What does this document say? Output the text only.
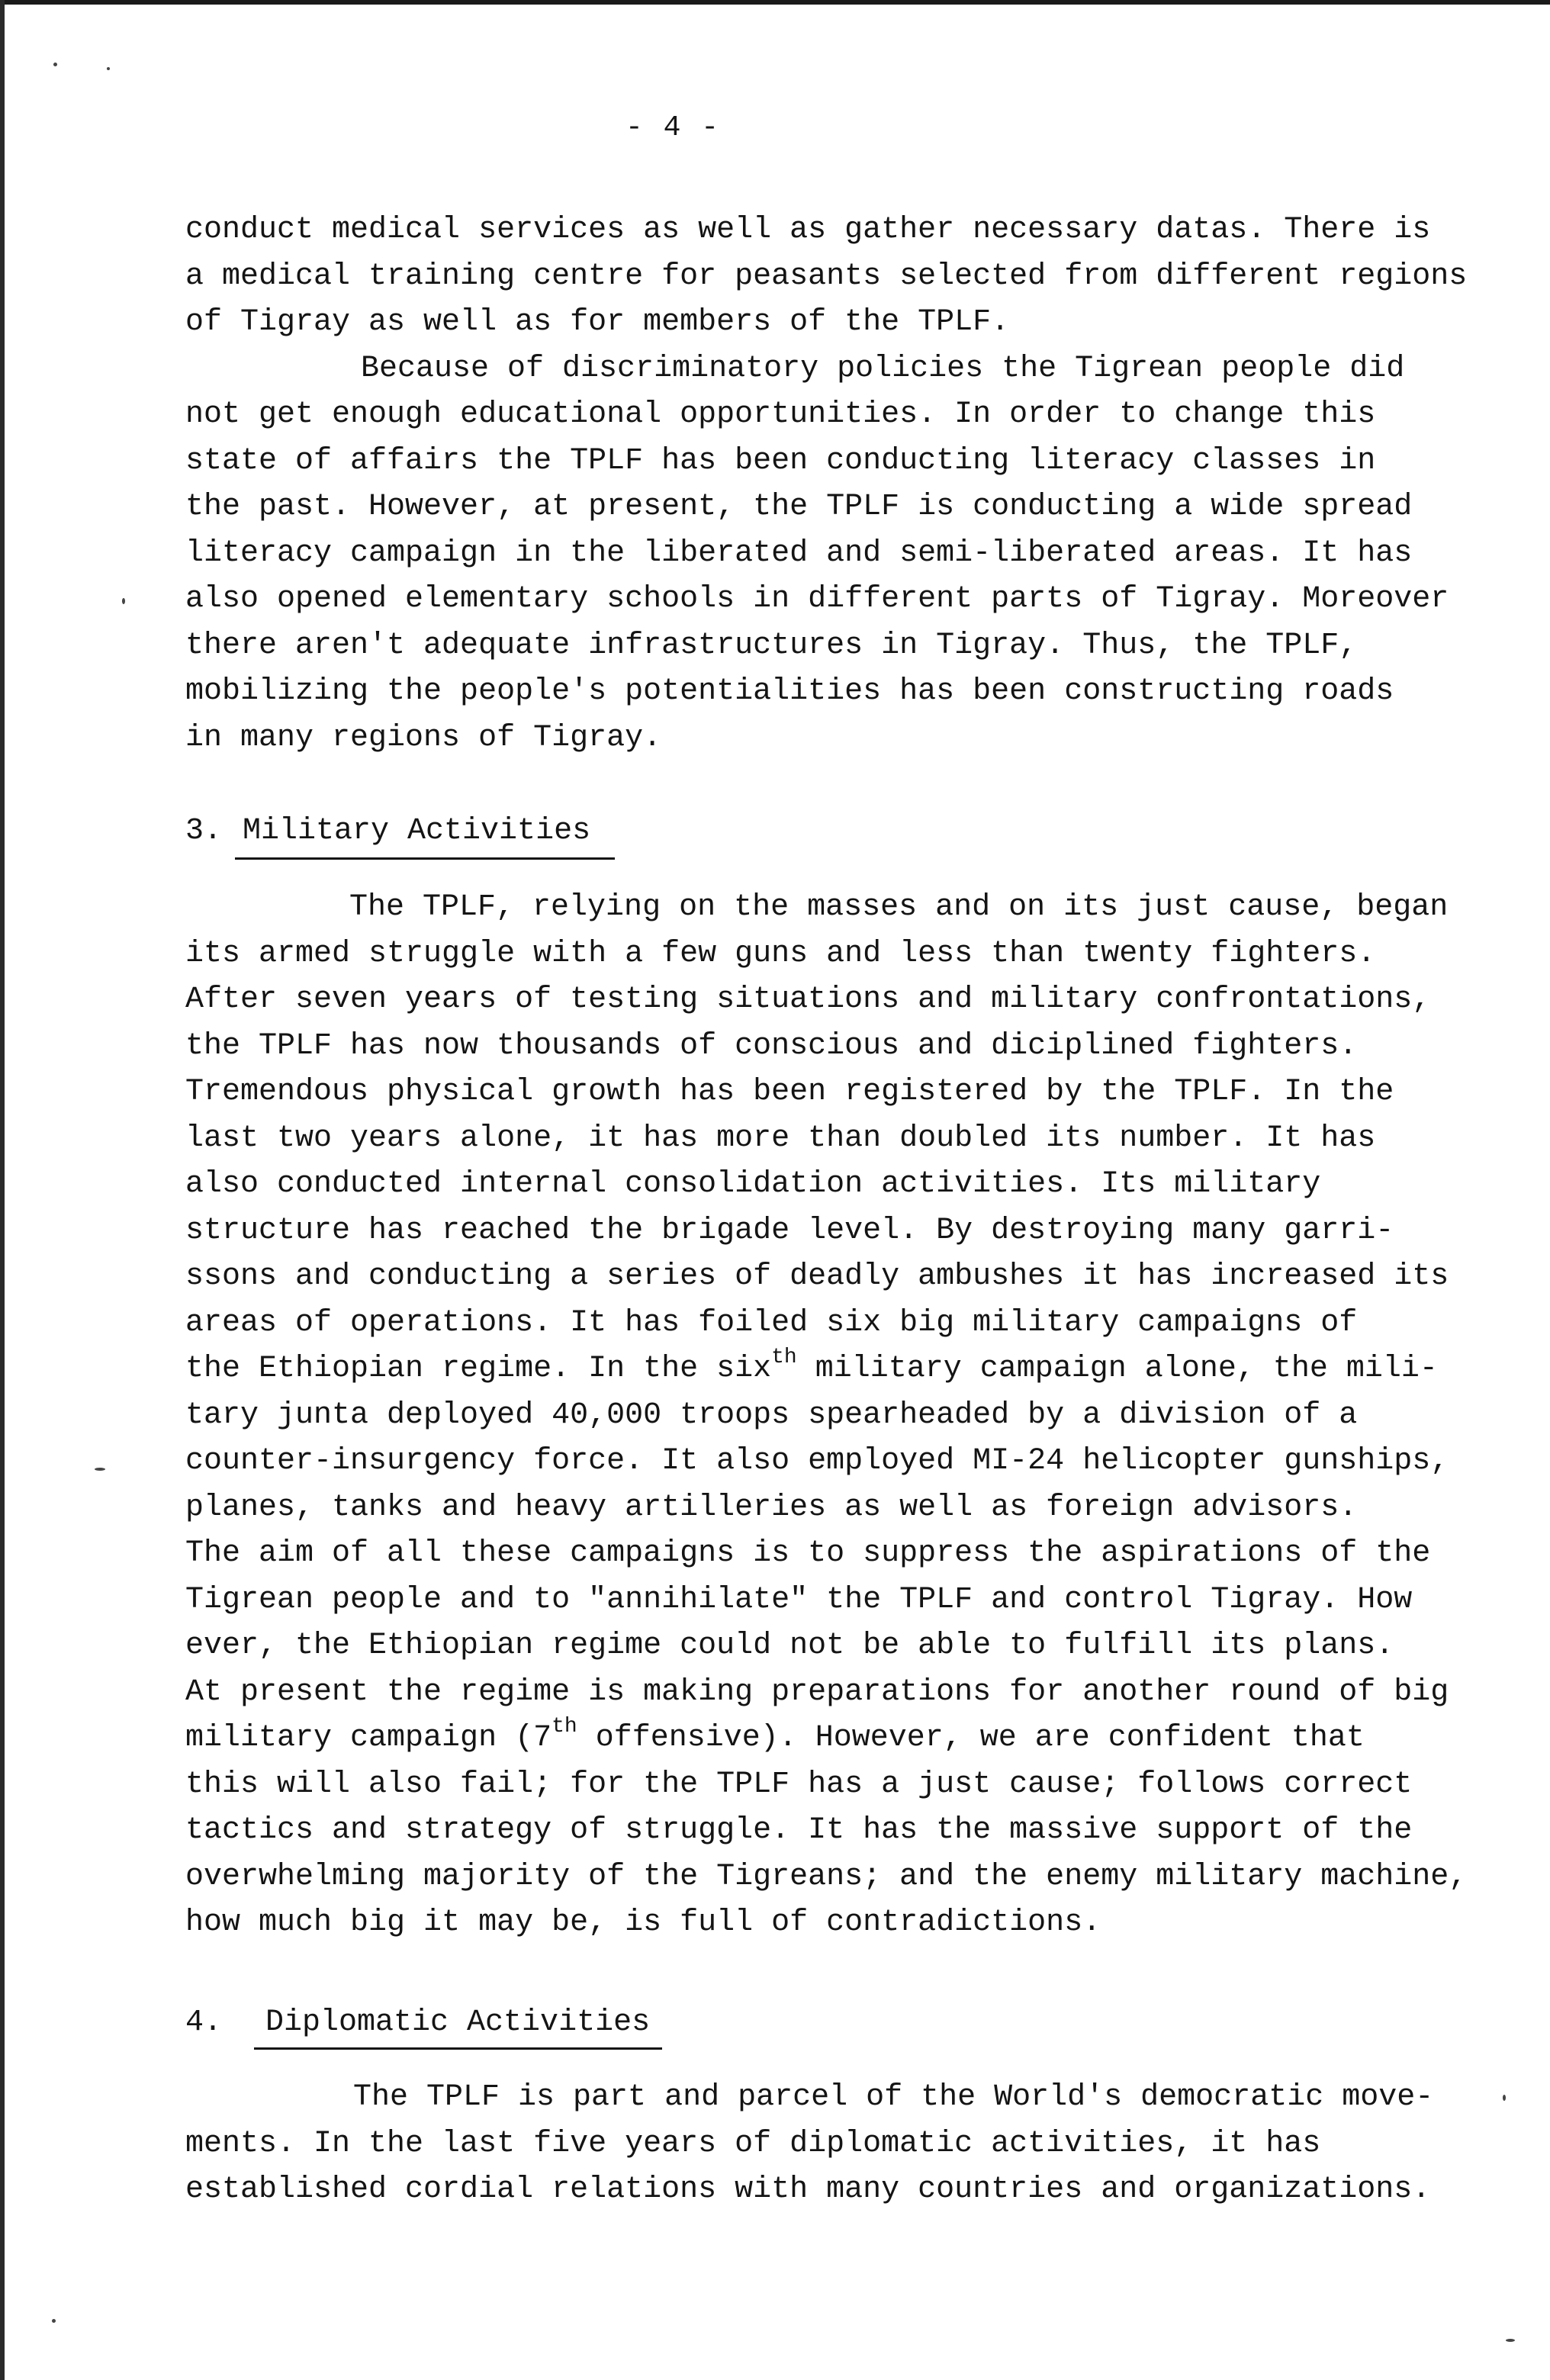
- 4 -
conduct medical services as well as gather necessary datas. There is
a medical training centre for peasants selected from different regions
of Tigray as well as for members of the TPLF.
Because of discriminatory policies the Tigrean people did
not get enough educational opportunities. In order to change this
state of affairs the TPLF has been conducting literacy classes in
the past. However, at present, the TPLF is conducting a wide spread
literacy campaign in the liberated and semi-liberated areas. It has
also opened elementary schools in different parts of Tigray. Moreover
there aren't adequate infrastructures in Tigray. Thus, the TPLF,
mobilizing the people's potentialities has been constructing roads
in many regions of Tigray.
3. Military Activities
The TPLF, relying on the masses and on its just cause, began
its armed struggle with a few guns and less than twenty fighters.
After seven years of testing situations and military confrontations,
the TPLF has now thousands of conscious and diciplined fighters.
Tremendous physical growth has been registered by the TPLF. In the
last two years alone, it has more than doubled its number. It has
also conducted internal consolidation activities. Its military
structure has reached the brigade level. By destroying many garri-
ssons and conducting a series of deadly ambushes it has increased its
areas of operations. It has foiled six big military campaigns of
the Ethiopian regime. In the six$^{th}$ military campaign alone, the mili-
tary junta deployed 40,000 troops spearheaded by a division of a
counter-insurgency force. It also employed MI-24 helicopter gunships,
planes, tanks and heavy artilleries as well as foreign advisors.
The aim of all these campaigns is to suppress the aspirations of the
Tigrean people and to "annihilate" the TPLF and control Tigray. How
ever, the Ethiopian regime could not be able to fulfill its plans.
At present the regime is making preparations for another round of big
military campaign (7th offensive). However, we are confident that
this will also fail; for the TPLF has a just cause; follows correct
tactics and strategy of struggle. It has the massive support of the
overwhelming majority of the Tigreans; and the enemy military machine,
how much big it may be, is full of contradictions.
4. Diplomatic Activities
The TPLF is part and parcel of the World's democratic move-
ments. In the last five years of diplomatic activities, it has
established cordial relations with many countries and organizations.
